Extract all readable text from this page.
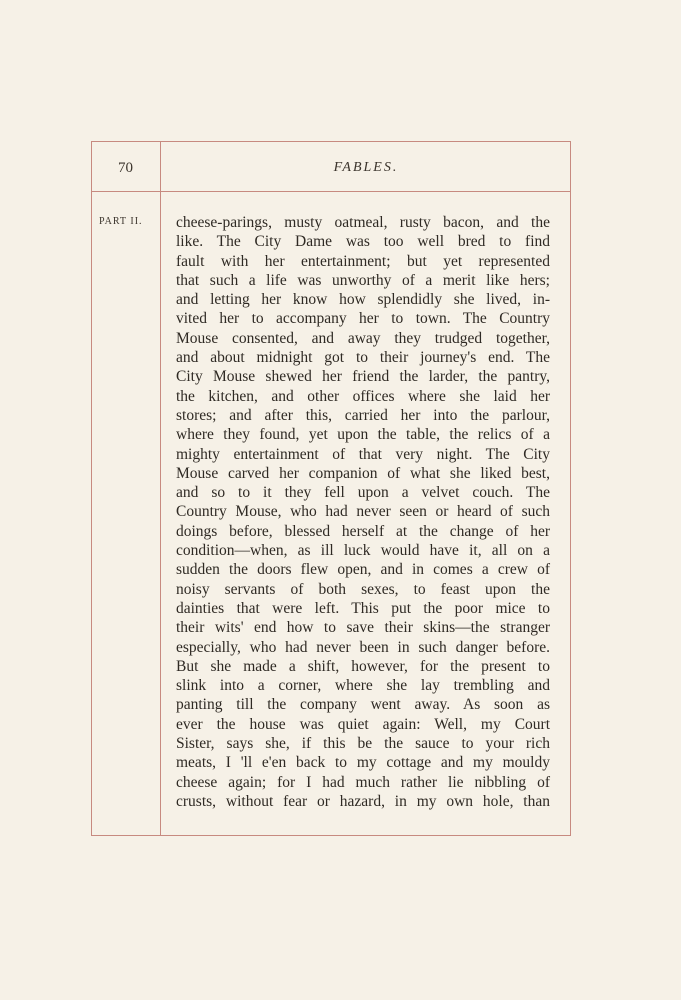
70	FABLES.
PART II. cheese-parings, musty oatmeal, rusty bacon, and the
like. The City Dame was too well bred to find
fault with her entertainment; but yet represented
that such a life was unworthy of a merit like hers;
and letting her know how splendidly she lived, in-
vited her to accompany her to town. The Country
Mouse consented, and away they trudged together,
and about midnight got to their journey's end. The
City Mouse shewed her friend the larder, the pantry,
the kitchen, and other offices where she laid her
stores; and after this, carried her into the parlour,
where they found, yet upon the table, the relics of a
mighty entertainment of that very night. The City
Mouse carved her companion of what she liked best,
and so to it they fell upon a velvet couch. The
Country Mouse, who had never seen or heard of such
doings before, blessed herself at the change of her
condition—when, as ill luck would have it, all on a
sudden the doors flew open, and in comes a crew of
noisy servants of both sexes, to feast upon the
dainties that were left. This put the poor mice to
their wits' end how to save their skins—the stranger
especially, who had never been in such danger before.
But she made a shift, however, for the present to
slink into a corner, where she lay trembling and
panting till the company went away. As soon as
ever the house was quiet again: Well, my Court
Sister, says she, if this be the sauce to your rich
meats, I 'll e'en back to my cottage and my mouldy
cheese again; for I had much rather lie nibbling of
crusts, without fear or hazard, in my own hole, than
